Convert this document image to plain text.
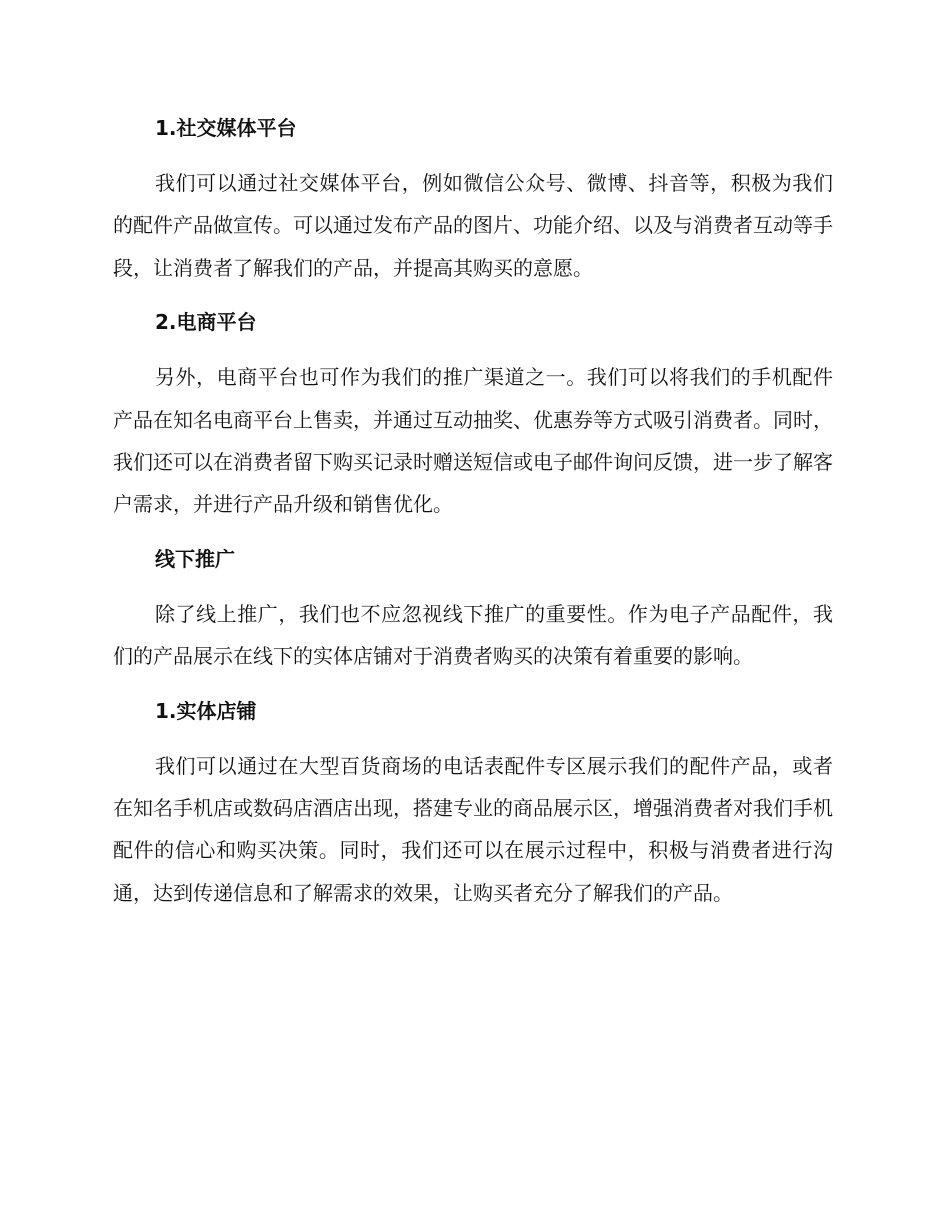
1.社交媒体平台

我们可以通过社交媒体平台，例如微信公众号、微博、抖音等，积极为我们的配件产品做宣传。可以通过发布产品的图片、功能介绍、以及与消费者互动等手段，让消费者了解我们的产品，并提高其购买的意愿。

2.电商平台

另外，电商平台也可作为我们的推广渠道之一。我们可以将我们的手机配件产品在知名电商平台上售卖，并通过互动抽奖、优惠券等方式吸引消费者。同时，我们还可以在消费者留下购买记录时赠送短信或电子邮件询问反馈，进一步了解客户需求，并进行产品升级和销售优化。

线下推广

除了线上推广，我们也不应忽视线下推广的重要性。作为电子产品配件，我们的产品展示在线下的实体店铺对于消费者购买的决策有着重要的影响。

1.实体店铺

我们可以通过在大型百货商场的电话表配件专区展示我们的配件产品，或者在知名手机店或数码店酒店出现，搭建专业的商品展示区，增强消费者对我们手机配件的信心和购买决策。同时，我们还可以在展示过程中，积极与消费者进行沟通，达到传递信息和了解需求的效果，让购买者充分了解我们的产品。
